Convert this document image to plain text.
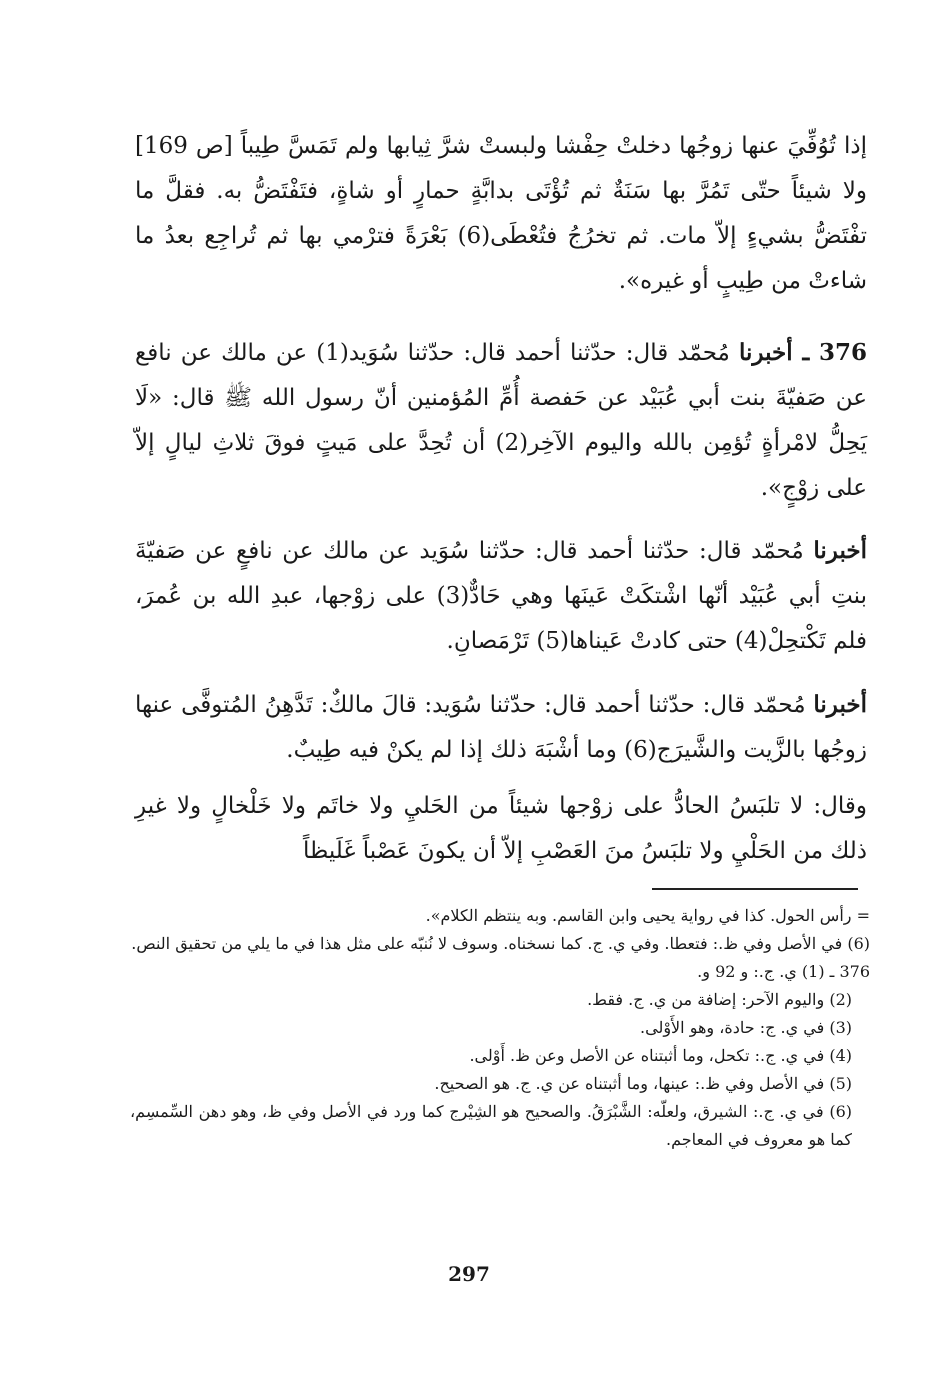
إذا تُوُفِّيَ عنها زوجُها دخلتْ حِفْشا ولبستْ شرَّ ثِيابها ولم تَمَسَّ طِيباً [ص 169] ولا شيئاً حتّى تَمُرَّ بها سَنَةٌ ثم تُؤْتَى بدابَّةٍ حمارٍ أو شاةٍ، فتَفْتَضُّ به. فقلَّ ما تفْتَضُّ بشيءٍ إلاّ مات. ثم تخرُجُ فتُعْطَى(6) بَعْرَةً فترْمي بها ثم تُراجِع بعدُ ما شاءتْ من طِيبٍ أو غيره».

376 ـ أخبرنا مُحمّد قال: حدّثنا أحمد قال: حدّثنا سُوَيد(1) عن مالك عن نافع عن صَفيّةَ بنت أبي عُبَيْد عن حَفصة أُمِّ المُؤمنين أنّ رسول الله ﷺ قال: «لَا يَحِلُّ لامْرأةٍ تُؤمِن بالله واليوم الآخِر(2) أن تُحِدَّ على مَيتٍ فوقَ ثلاثِ ليالٍ إلاّ على زوْجٍ».

أخبرنا مُحمّد قال: حدّثنا أحمد قال: حدّثنا سُوَيد عن مالك عن نافعٍ عن صَفيّةَ بنتِ أبي عُبَيْد أنّها اشْتكَتْ عَينَها وهي حَادٌّ(3) على زوْجها، عبدِ الله بن عُمرَ، فلم تَكْتحِلْ(4) حتى كادتْ عَيناها(5) تَرْمَصانِ.

أخبرنا مُحمّد قال: حدّثنا أحمد قال: حدّثنا سُوَيد: قالَ مالكٌ: تَدَّهِنُ المُتوفَّى عنها زوجُها بالزَّيت والشَّيرَج(6) وما أشْبَهَ ذلك إذا لم يكنْ فيه طِيبٌ.

وقال: لا تلبَسُ الحادُّ على زوْجها شيئاً من الحَليِ ولا خاتَم ولا خَلْخالٍ ولا غيرِ ذلك من الحَلْيِ ولا تلبَسُ منَ العَصْبِ إلاّ أن يكونَ عَصْباً غَلَيظاً

= رأس الحول. كذا في رواية يحيى وابن القاسم. وبه ينتظم الكلام».

(6) في الأصل وفي ظ.: فتعطا. وفي ي. ج. كما نسخناه. وسوف لا نُنبّه على مثل هذا في ما يلي من تحقيق النص.

376 ـ (1) ي. ج.: و 92 و.

(2) واليوم الآحر: إضافة من ي. ج. فقط.

(3) في ي. ج: حادة، وهو الأَوْلى.

(4) في ي. ج.: تكحل، وما أثبتناه عن الأصل وعن ظ. أَوْلى.

(5) في الأصل وفي ظ.: عينها، وما أثبتناه عن ي. ج. هو الصحيح.

(6) في ي. ج.: الشيرق، ولعلّه: الشَّبْرَقُ. والصحيح هو الشِيْرج كما ورد في الأصل وفي ظ، وهو دهن السِّمسِم، كما هو معروف في المعاجم.

297
